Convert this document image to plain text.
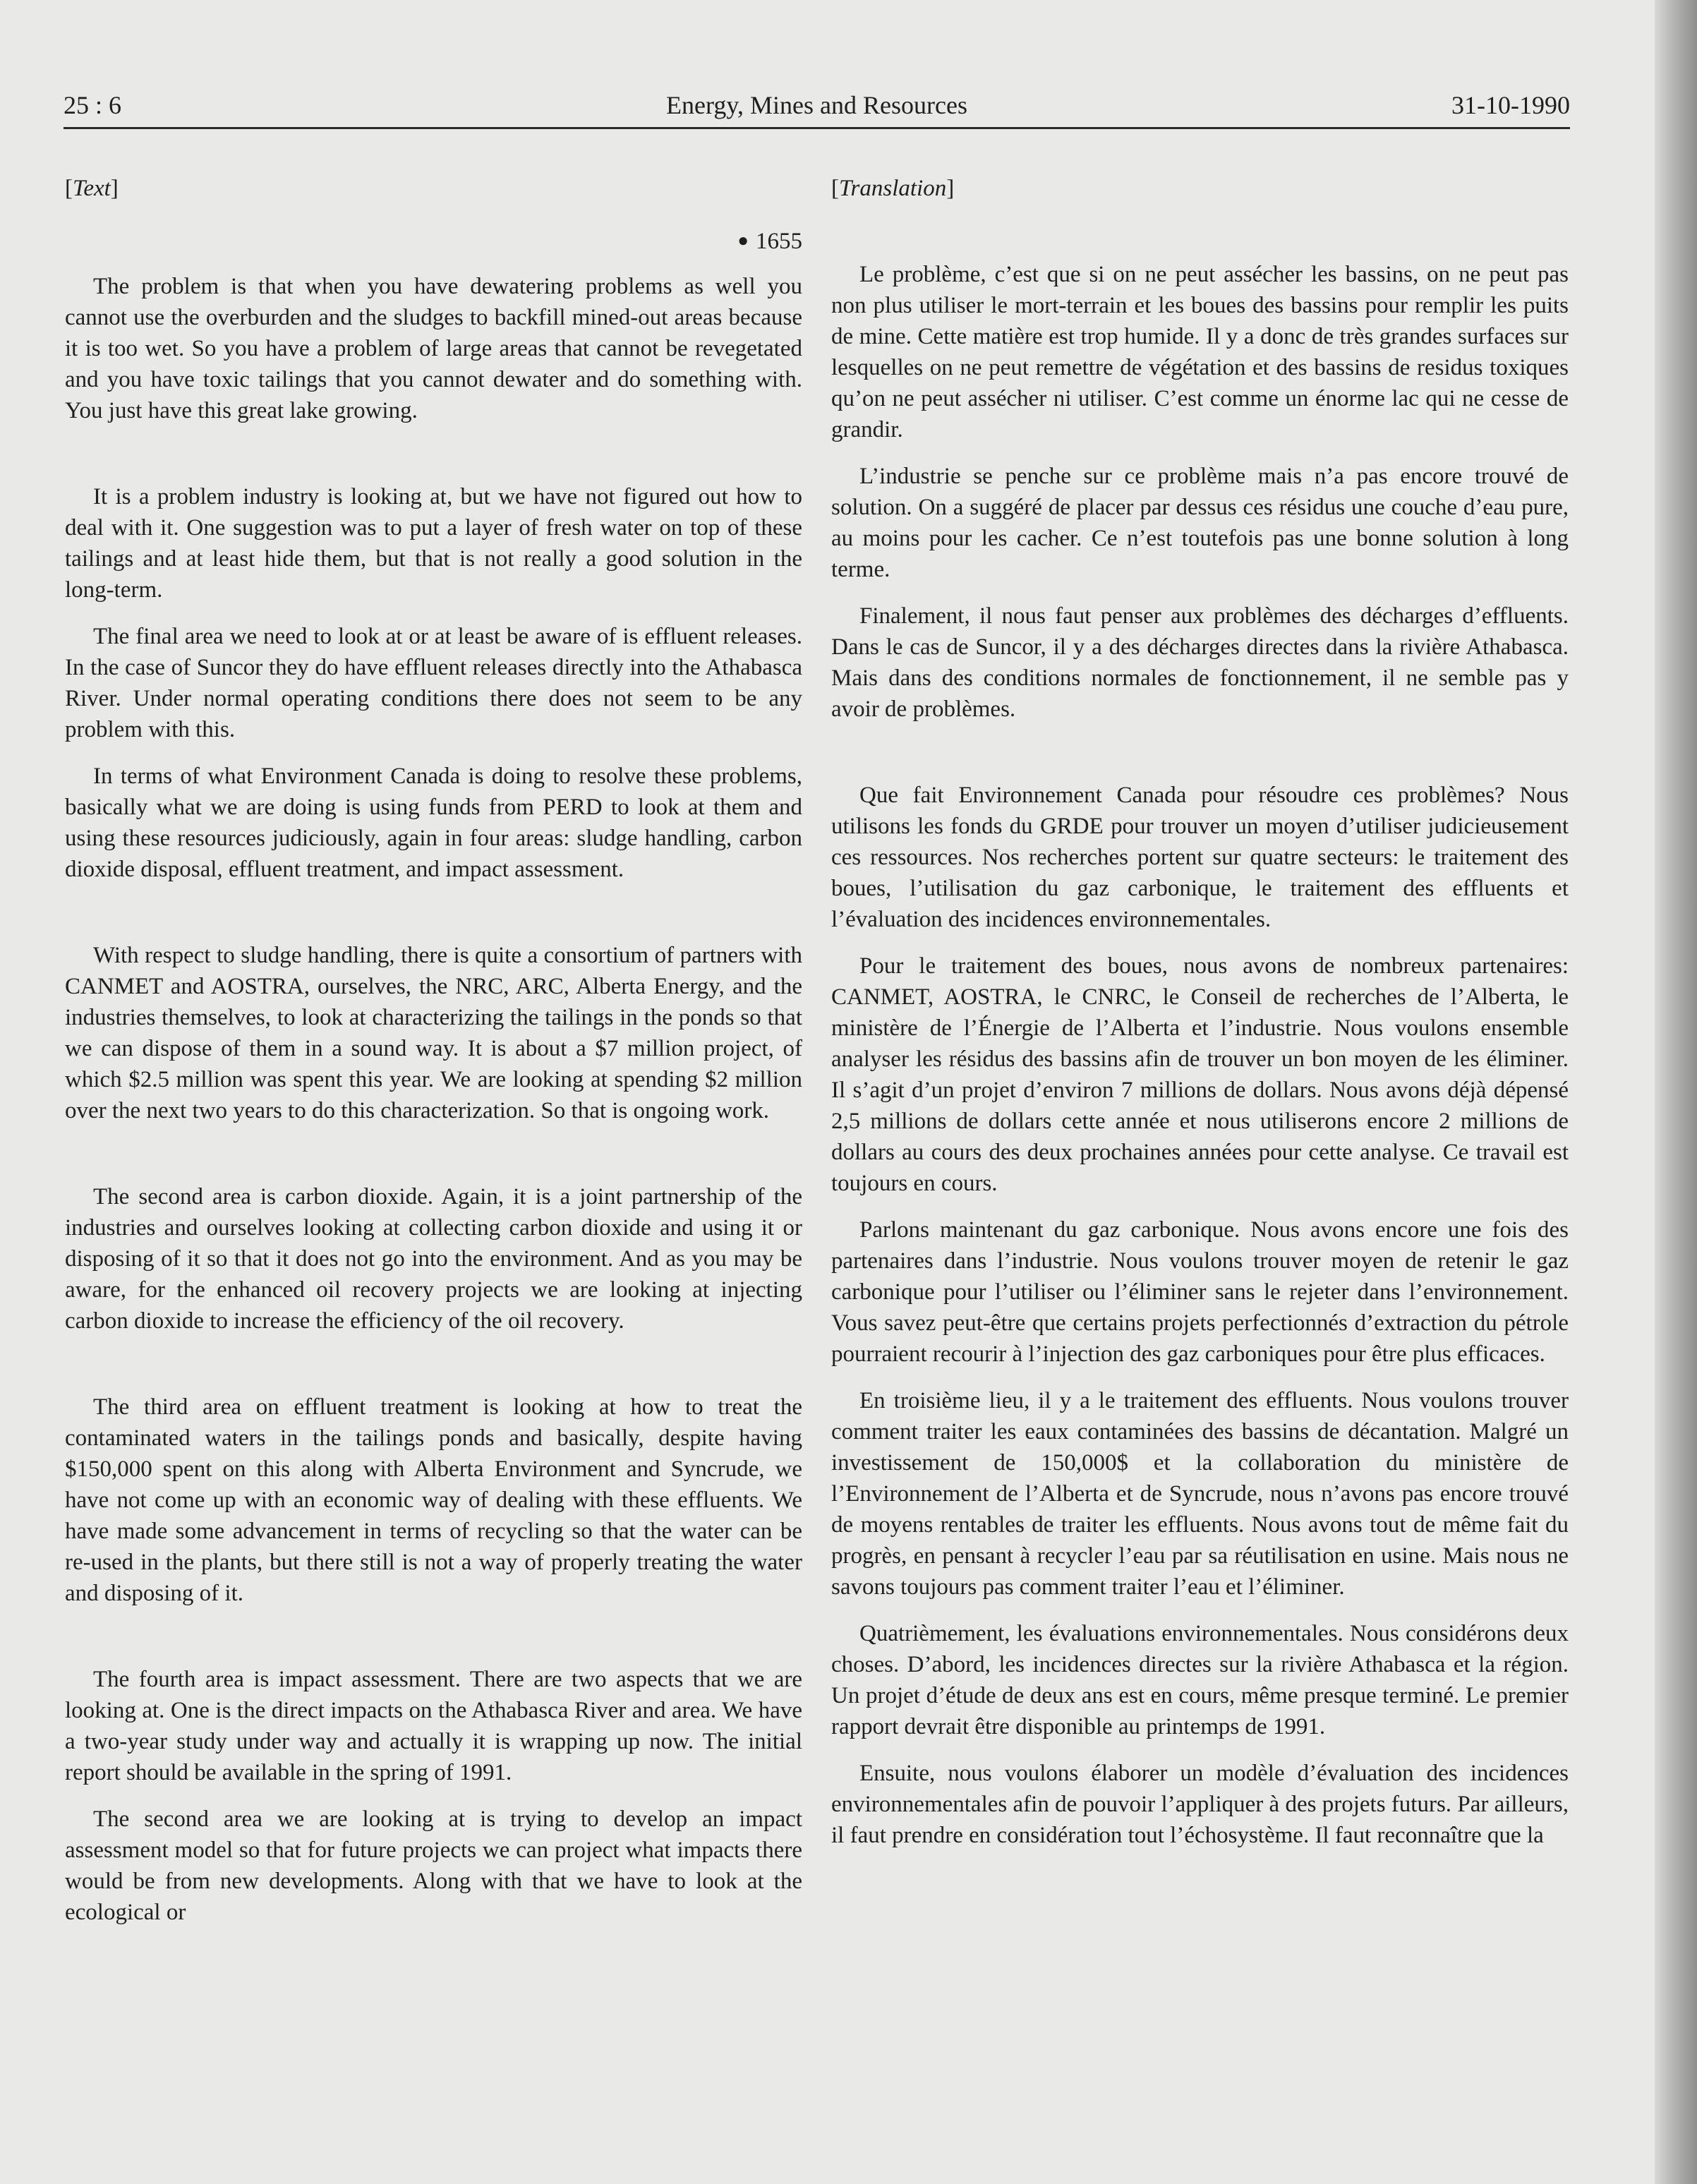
25 : 6	Energy, Mines and Resources	31-10-1990
[Text]
● 1655

The problem is that when you have dewatering problems as well you cannot use the overburden and the sludges to backfill mined-out areas because it is too wet. So you have a problem of large areas that cannot be revegetated and you have toxic tailings that you cannot dewater and do something with. You just have this great lake growing.

It is a problem industry is looking at, but we have not figured out how to deal with it. One suggestion was to put a layer of fresh water on top of these tailings and at least hide them, but that is not really a good solution in the long-term.

The final area we need to look at or at least be aware of is effluent releases. In the case of Suncor they do have effluent releases directly into the Athabasca River. Under normal operating conditions there does not seem to be any problem with this.

In terms of what Environment Canada is doing to resolve these problems, basically what we are doing is using funds from PERD to look at them and using these resources judiciously, again in four areas: sludge handling, carbon dioxide disposal, effluent treatment, and impact assessment.

With respect to sludge handling, there is quite a consortium of partners with CANMET and AOSTRA, ourselves, the NRC, ARC, Alberta Energy, and the industries themselves, to look at characterizing the tailings in the ponds so that we can dispose of them in a sound way. It is about a $7 million project, of which $2.5 million was spent this year. We are looking at spending $2 million over the next two years to do this characterization. So that is ongoing work.

The second area is carbon dioxide. Again, it is a joint partnership of the industries and ourselves looking at collecting carbon dioxide and using it or disposing of it so that it does not go into the environment. And as you may be aware, for the enhanced oil recovery projects we are looking at injecting carbon dioxide to increase the efficiency of the oil recovery.

The third area on effluent treatment is looking at how to treat the contaminated waters in the tailings ponds and basically, despite having $150,000 spent on this along with Alberta Environment and Syncrude, we have not come up with an economic way of dealing with these effluents. We have made some advancement in terms of recycling so that the water can be re-used in the plants, but there still is not a way of properly treating the water and disposing of it.

The fourth area is impact assessment. There are two aspects that we are looking at. One is the direct impacts on the Athabasca River and area. We have a two-year study under way and actually it is wrapping up now. The initial report should be available in the spring of 1991.

The second area we are looking at is trying to develop an impact assessment model so that for future projects we can project what impacts there would be from new developments. Along with that we have to look at the ecological or

[Translation]

Le problème, c’est que si on ne peut assécher les bassins, on ne peut pas non plus utiliser le mort-terrain et les boues des bassins pour remplir les puits de mine. Cette matière est trop humide. Il y a donc de très grandes surfaces sur lesquelles on ne peut remettre de végétation et des bassins de residus toxiques qu’on ne peut assécher ni utiliser. C’est comme un énorme lac qui ne cesse de grandir.

L’industrie se penche sur ce problème mais n’a pas encore trouvé de solution. On a suggéré de placer par dessus ces résidus une couche d’eau pure, au moins pour les cacher. Ce n’est toutefois pas une bonne solution à long terme.

Finalement, il nous faut penser aux problèmes des décharges d’effluents. Dans le cas de Suncor, il y a des décharges directes dans la rivière Athabasca. Mais dans des conditions normales de fonctionnement, il ne semble pas y avoir de problèmes.

Que fait Environnement Canada pour résoudre ces problèmes? Nous utilisons les fonds du GRDE pour trouver un moyen d’utiliser judicieusement ces ressources. Nos recherches portent sur quatre secteurs: le traitement des boues, l’utilisation du gaz carbonique, le traitement des effluents et l’évaluation des incidences environnementales.

Pour le traitement des boues, nous avons de nombreux partenaires: CANMET, AOSTRA, le CNRC, le Conseil de recherches de l’Alberta, le ministère de l’Énergie de l’Alberta et l’industrie. Nous voulons ensemble analyser les résidus des bassins afin de trouver un bon moyen de les éliminer. Il s’agit d’un projet d’environ 7 millions de dollars. Nous avons déjà dépensé 2,5 millions de dollars cette année et nous utiliserons encore 2 millions de dollars au cours des deux prochaines années pour cette analyse. Ce travail est toujours en cours.

Parlons maintenant du gaz carbonique. Nous avons encore une fois des partenaires dans l’industrie. Nous voulons trouver moyen de retenir le gaz carbonique pour l’utiliser ou l’éliminer sans le rejeter dans l’environnement. Vous savez peut-être que certains projets perfectionnés d’extraction du pétrole pourraient recourir à l’injection des gaz carboniques pour être plus efficaces.

En troisième lieu, il y a le traitement des effluents. Nous voulons trouver comment traiter les eaux contaminées des bassins de décantation. Malgré un investissement de 150,000$ et la collaboration du ministère de l’Environnement de l’Alberta et de Syncrude, nous n’avons pas encore trouvé de moyens rentables de traiter les effluents. Nous avons tout de même fait du progrès, en pensant à recycler l’eau par sa réutilisation en usine. Mais nous ne savons toujours pas comment traiter l’eau et l’éliminer.

Quatrièmement, les évaluations environnementales. Nous considérons deux choses. D’abord, les incidences directes sur la rivière Athabasca et la région. Un projet d’étude de deux ans est en cours, même presque terminé. Le premier rapport devrait être disponible au printemps de 1991.

Ensuite, nous voulons élaborer un modèle d’évaluation des incidences environnementales afin de pouvoir l’appliquer à des projets futurs. Par ailleurs, il faut prendre en considération tout l’échosystème. Il faut reconnaître que la
